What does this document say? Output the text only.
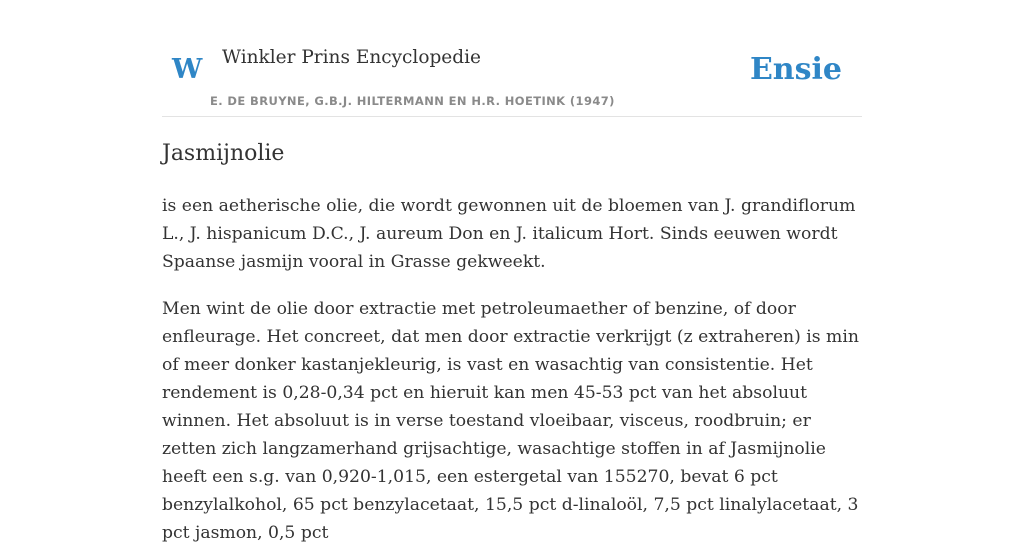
W Winkler Prins Encyclopedie
E. DE BRUYNE, G.B.J. HILTERMANN EN H.R. HOETINK (1947)
Ensie
Jasmijnolie

is een aetherische olie, die wordt gewonnen uit de bloemen van J. grandiflorum L., J. hispanicum D.C., J. aureum Don en J. italicum Hort. Sinds eeuwen wordt Spaanse jasmijn vooral in Grasse gekweekt.

Men wint de olie door extractie met petroleumaether of benzine, of door enfleurage. Het concreet, dat men door extractie verkrijgt (z extraheren) is min of meer donker kastanjekleurig, is vast en wasachtig van consistentie. Het rendement is 0,28-0,34 pct en hieruit kan men 45-53 pct van het absoluut winnen. Het absoluut is in verse toestand vloeibaar, visceus, roodbruin; er zetten zich langzamerhand grijsachtige, wasachtige stoffen in af Jasmijnolie heeft een s.g. van 0,920-1,015, een estergetal van 155270, bevat 6 pct benzylalkohol, 65 pct benzylacetaat, 15,5 pct d-linaloöl, 7,5 pct linalylacetaat, 3 pct jasmon, 0,5 pct
